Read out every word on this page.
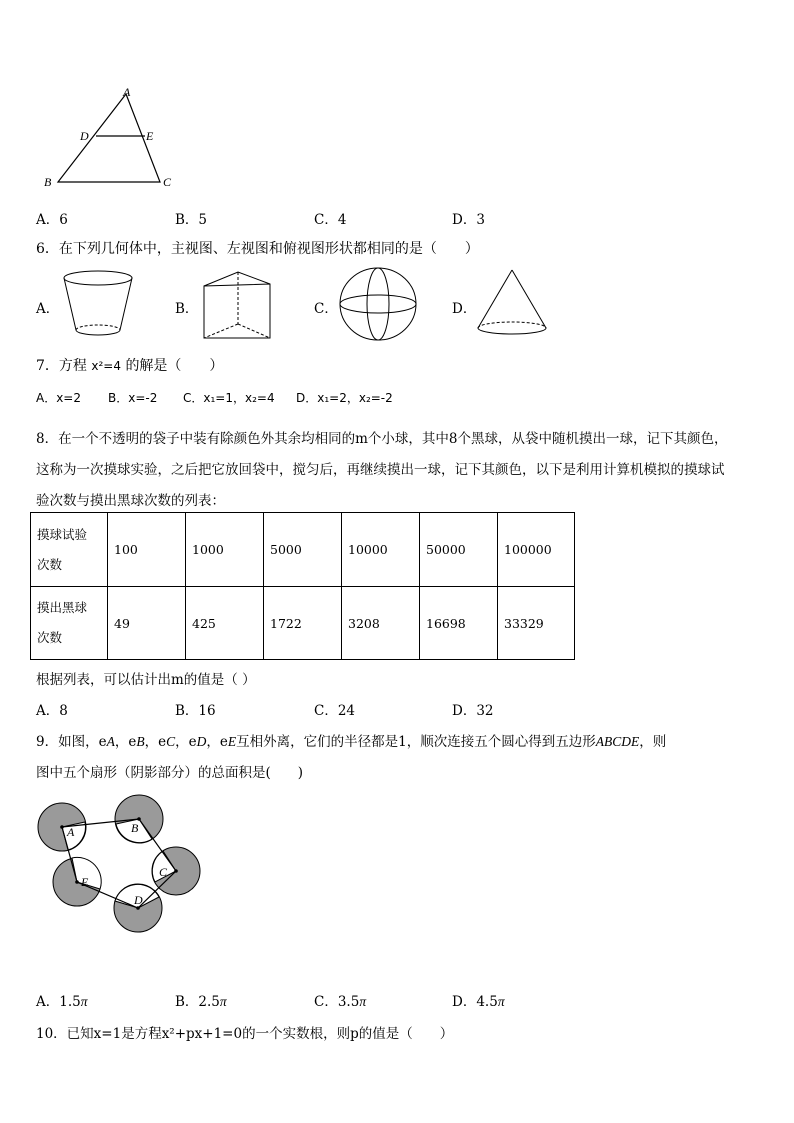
A
D	E
B	C
A．6	B．5	C．4	D．3
6．在下列几何体中，主视图、左视图和俯视图形状都相同的是（　　）
A．	B．	C．	D．
7．方程 x²=4 的解是（　　）
A．x=2 B．x=-2 C．x₁=1，x₂=4 D．x₁=2，x₂=-2
8．在一个不透明的袋子中装有除颜色外其余均相同的m个小球，其中8个黑球，从袋中随机摸出一球，记下其颜色，
这称为一次摸球实验，之后把它放回袋中，搅匀后，再继续摸出一球，记下其颜色，以下是利用计算机模拟的摸球试
验次数与摸出黑球次数的列表：
摸球试验
次数	100	1000	5000	10000	50000	100000
摸出黑球
次数	49	425	1722	3208	16698	33329
根据列表，可以估计出m的值是（ ）
A．8	B．16	C．24	D．32
9．如图，eA，eB，eC，eD，eE互相外离，它们的半径都是1，顺次连接五个圆心得到五边形ABCDE，则
图中五个扇形（阴影部分）的总面积是(　　)
A	B
C
D
E
A．1.5π	B．2.5π	C．3.5π	D．4.5π
10．已知x=1是方程x²+px+1=0的一个实数根，则p的值是（　　）
